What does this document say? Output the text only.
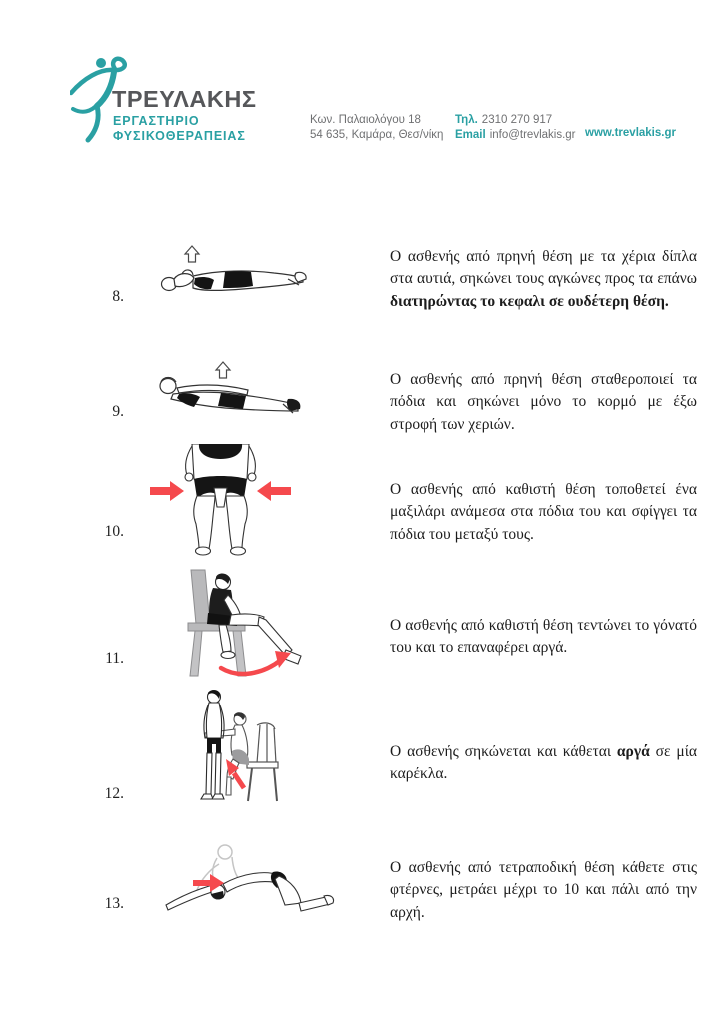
ΤΡΕΥΛΑΚΗΣ
ΕΡΓΑΣΤΗΡΙΟ
ΦΥΣΙΚΟΘΕΡΑΠΕΙΑΣ
Κων. Παλαιολόγου 18
54 635, Καμάρα, Θεσ/νίκη
Τηλ. 2310 270 917
Email info@trevlakis.gr www.trevlakis.gr
8.

Ο ασθενής από πρηνή θέση με τα χέρια δίπλα στα αυτιά, σηκώνει τους αγκώνες προς τα επάνω διατηρώντας το κεφαλι σε ουδέτερη θέση.

9.

Ο ασθενής από πρηνή θέση σταθεροποιεί τα πόδια και σηκώνει μόνο το κορμό με έξω στροφή των χεριών.

10.

Ο ασθενής από καθιστή θέση τοποθετεί ένα μαξιλάρι ανάμεσα στα πόδια του και σφίγγει τα πόδια του μεταξύ τους.

11.

Ο ασθενής από καθιστή θέση τεντώνει το γόνατό του και το επαναφέρει αργά.

12.

Ο ασθενής σηκώνεται και κάθεται αργά σε μία καρέκλα.

13.

Ο ασθενής από τετραποδική θέση κάθετε στις φτέρνες, μετράει μέχρι το 10 και πάλι από την αρχή.
